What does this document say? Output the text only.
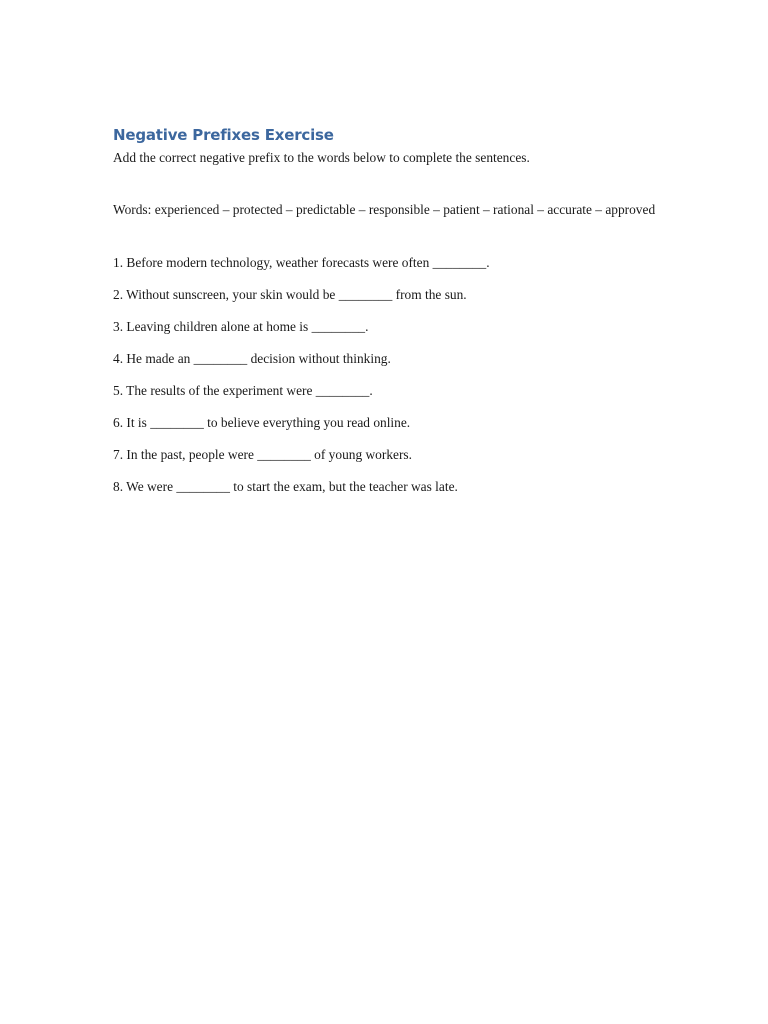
Negative Prefixes Exercise

Add the correct negative prefix to the words below to complete the sentences.

Words: experienced – protected – predictable – responsible – patient – rational – accurate – approved

1. Before modern technology, weather forecasts were often ________.
2. Without sunscreen, your skin would be ________ from the sun.
3. Leaving children alone at home is ________.
4. He made an ________ decision without thinking.
5. The results of the experiment were ________.
6. It is ________ to believe everything you read online.
7. In the past, people were ________ of young workers.
8. We were ________ to start the exam, but the teacher was late.
